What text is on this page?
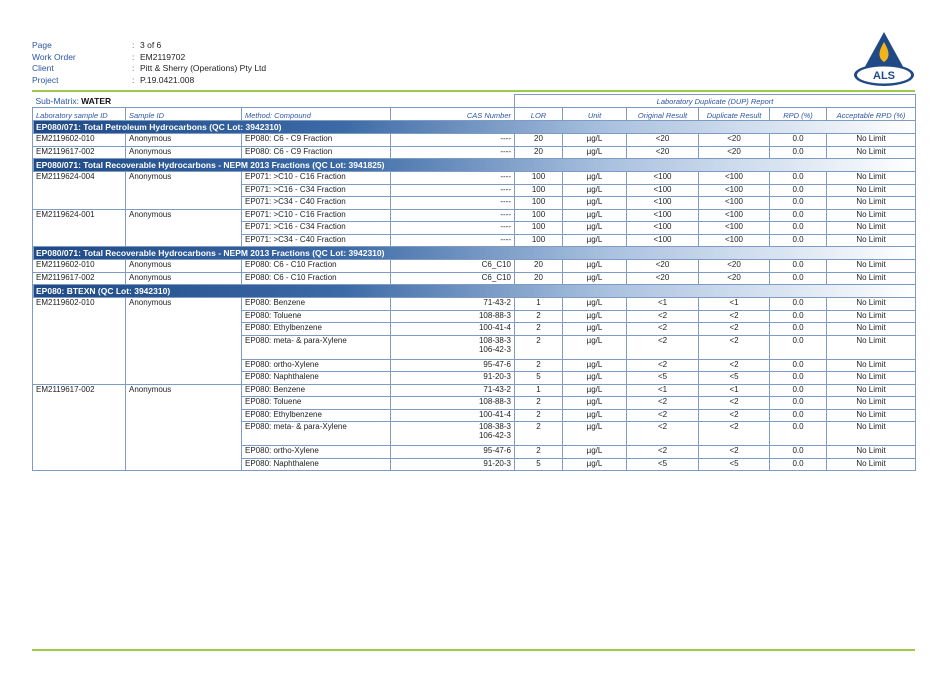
Page	: 3 of 6
Work Order	: EM2119702
Client	: Pitt & Sherry (Operations) Pty Ltd
Project	: P.19.0421.008	ALS
Sub-Matrix: WATER				Laboratory Duplicate (DUP) Report					
Laboratory sample ID	Sample ID	Method: Compound	CAS Number	LOR	Unit	Original Result	Duplicate Result	RPD (%)	Acceptable RPD (%)
EP080/071: Total Petroleum Hydrocarbons (QC Lot: 3942310)									
EM2119602-010	Anonymous	EP080: C6 - C9 Fraction	----	20	µg/L	<20	<20	0.0	No Limit
EM2119617-002	Anonymous	EP080: C6 - C9 Fraction	----	20	µg/L	<20	<20	0.0	No Limit
EP080/071: Total Recoverable Hydrocarbons - NEPM 2013 Fractions (QC Lot: 3941825)									
EM2119624-004	Anonymous	EP071: >C10 - C16 Fraction	----	100	µg/L	<100	<100	0.0	No Limit
		EP071: >C16 - C34 Fraction	----	100	µg/L	<100	<100	0.0	No Limit
		EP071: >C34 - C40 Fraction	----	100	µg/L	<100	<100	0.0	No Limit
EM2119624-001	Anonymous	EP071: >C10 - C16 Fraction	----	100	µg/L	<100	<100	0.0	No Limit
		EP071: >C16 - C34 Fraction	----	100	µg/L	<100	<100	0.0	No Limit
		EP071: >C34 - C40 Fraction	----	100	µg/L	<100	<100	0.0	No Limit
EP080/071: Total Recoverable Hydrocarbons - NEPM 2013 Fractions (QC Lot: 3942310)									
EM2119602-010	Anonymous	EP080: C6 - C10 Fraction	C6_C10	20	µg/L	<20	<20	0.0	No Limit
EM2119617-002	Anonymous	EP080: C6 - C10 Fraction	C6_C10	20	µg/L	<20	<20	0.0	No Limit
EP080: BTEXN (QC Lot: 3942310)									
EM2119602-010	Anonymous	EP080: Benzene	71-43-2	1	µg/L	<1	<1	0.0	No Limit
		EP080: Toluene	108-88-3	2	µg/L	<2	<2	0.0	No Limit
		EP080: Ethylbenzene	100-41-4	2	µg/L	<2	<2	0.0	No Limit
		EP080: meta- & para-Xylene	108-38-3
106-42-3	2	µg/L	<2	<2	0.0	No Limit
		EP080: ortho-Xylene	95-47-6	2	µg/L	<2	<2	0.0	No Limit
		EP080: Naphthalene	91-20-3	5	µg/L	<5	<5	0.0	No Limit
EM2119617-002	Anonymous	EP080: Benzene	71-43-2	1	µg/L	<1	<1	0.0	No Limit
		EP080: Toluene	108-88-3	2	µg/L	<2	<2	0.0	No Limit
		EP080: Ethylbenzene	100-41-4	2	µg/L	<2	<2	0.0	No Limit
		EP080: meta- & para-Xylene	108-38-3
106-42-3	2	µg/L	<2	<2	0.0	No Limit
		EP080: ortho-Xylene	95-47-6	2	µg/L	<2	<2	0.0	No Limit
		EP080: Naphthalene	91-20-3	5	µg/L	<5	<5	0.0	No Limit
